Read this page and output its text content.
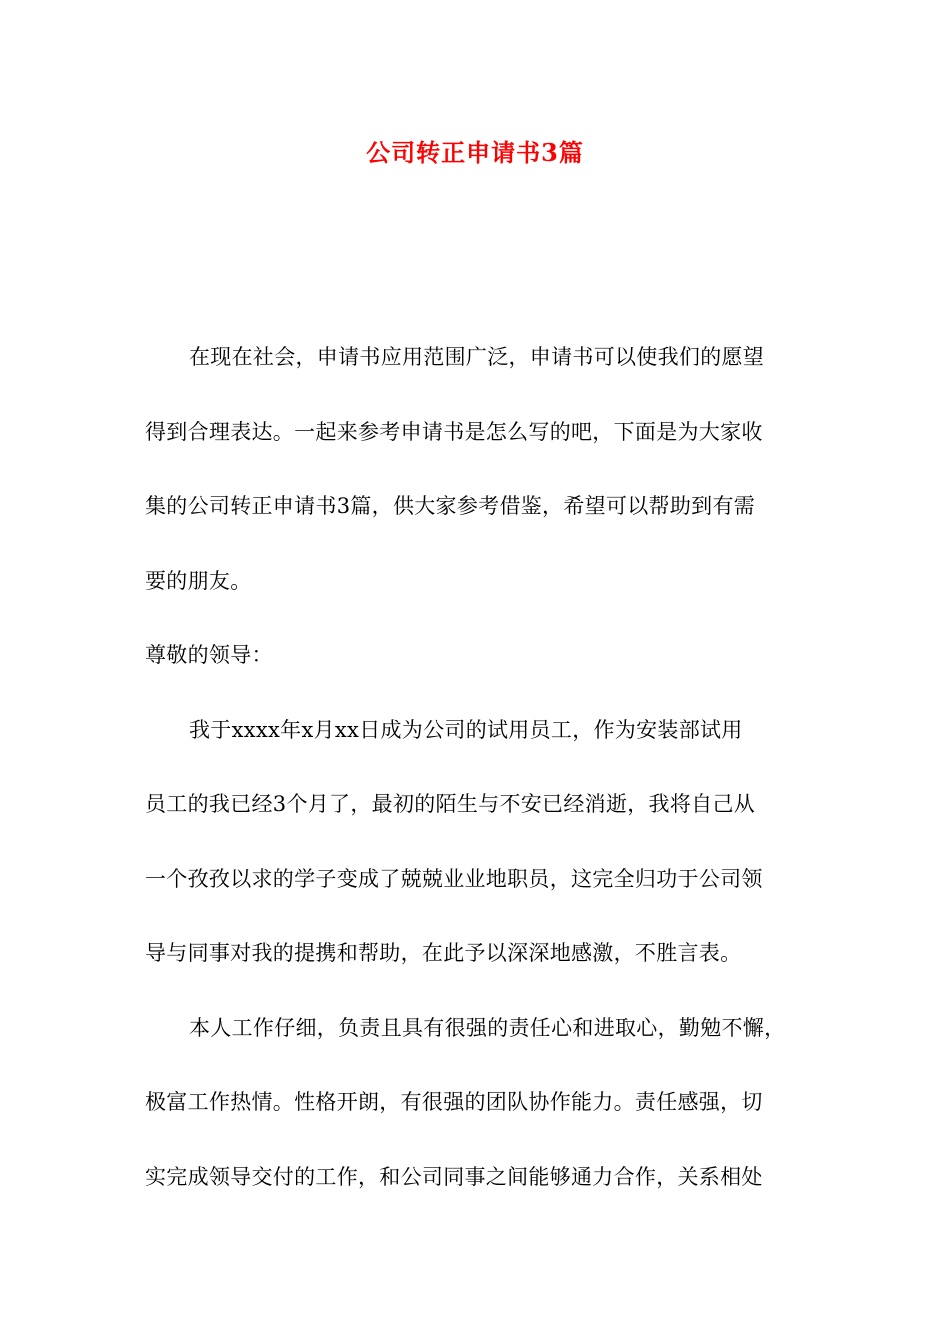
公司转正申请书3篇

在现在社会，申请书应用范围广泛，申请书可以使我们的愿望
得到合理表达。一起来参考申请书是怎么写的吧，下面是为大家收
集的公司转正申请书3篇，供大家参考借鉴，希望可以帮助到有需
要的朋友。

尊敬的领导：

我于xxxx年x月xx日成为公司的试用员工，作为安装部试用
员工的我已经3个月了，最初的陌生与不安已经消逝，我将自己从
一个孜孜以求的学子变成了兢兢业业地职员，这完全归功于公司领
导与同事对我的提携和帮助，在此予以深深地感激，不胜言表。

本人工作仔细，负责且具有很强的责任心和进取心，勤勉不懈，
极富工作热情。性格开朗，有很强的团队协作能力。责任感强，切
实完成领导交付的工作，和公司同事之间能够通力合作，关系相处
